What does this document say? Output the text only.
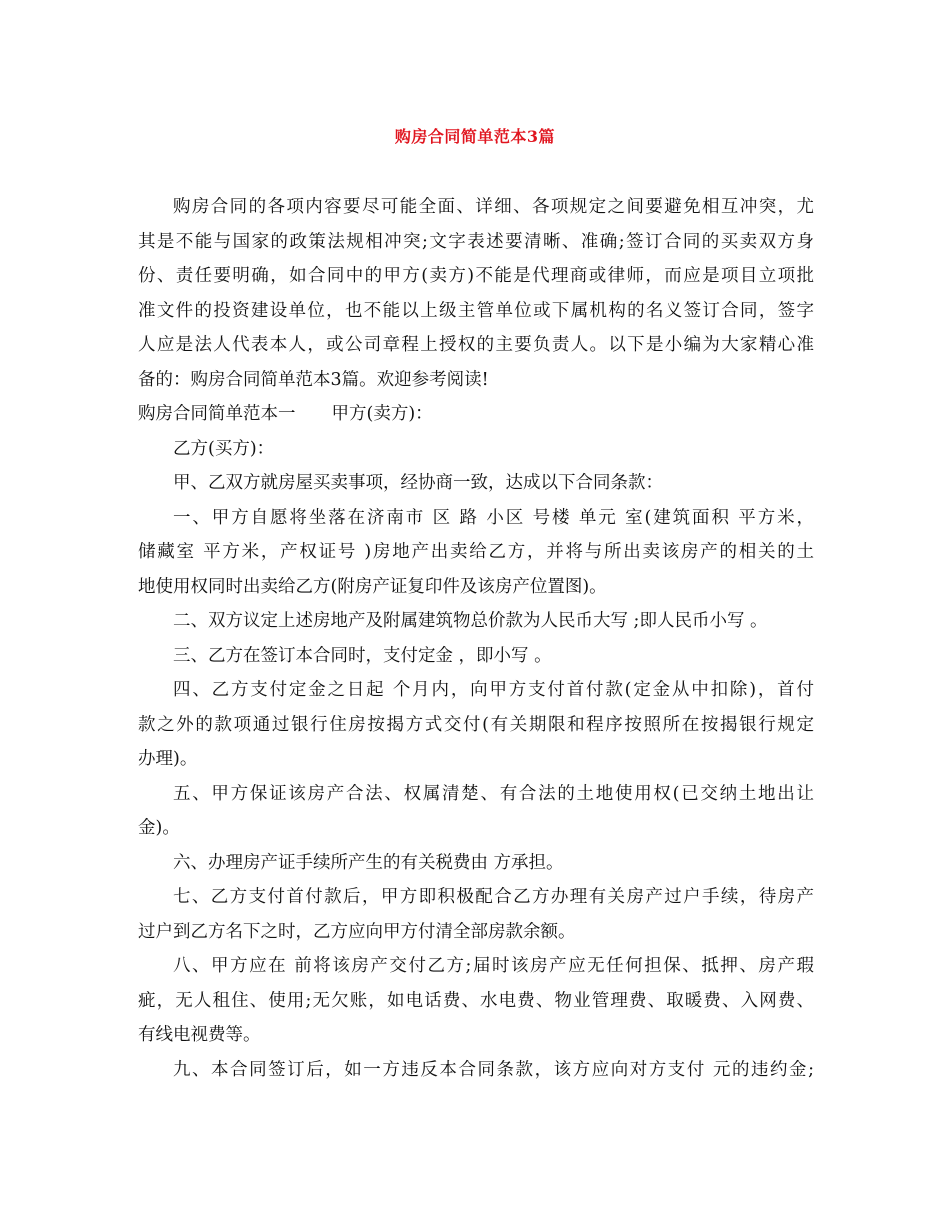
购房合同简单范本3篇
购房合同的各项内容要尽可能全面、详细、各项规定之间要避免相互冲突，尤
其是不能与国家的政策法规相冲突;文字表述要清晰、准确;签订合同的买卖双方身
份、责任要明确，如合同中的甲方(卖方)不能是代理商或律师，而应是项目立项批
准文件的投资建设单位，也不能以上级主管单位或下属机构的名义签订合同，签字
人应是法人代表本人，或公司章程上授权的主要负责人。以下是小编为大家精心准
备的：购房合同简单范本3篇。欢迎参考阅读!
购房合同简单范本一 甲方(卖方)：
乙方(买方)：
甲、乙双方就房屋买卖事项，经协商一致，达成以下合同条款：
一、甲方自愿将坐落在济南市 区 路 小区 号楼 单元 室(建筑面积 平方米，
储藏室 平方米，产权证号 )房地产出卖给乙方，并将与所出卖该房产的相关的土
地使用权同时出卖给乙方(附房产证复印件及该房产位置图)。
二、双方议定上述房地产及附属建筑物总价款为人民币大写 ;即人民币小写 。
三、乙方在签订本合同时，支付定金 ，即小写 。
四、乙方支付定金之日起 个月内，向甲方支付首付款(定金从中扣除)，首付
款之外的款项通过银行住房按揭方式交付(有关期限和程序按照所在按揭银行规定
办理)。
五、甲方保证该房产合法、权属清楚、有合法的土地使用权(已交纳土地出让
金)。
六、办理房产证手续所产生的有关税费由 方承担。
七、乙方支付首付款后，甲方即积极配合乙方办理有关房产过户手续，待房产
过户到乙方名下之时，乙方应向甲方付清全部房款余额。
八、甲方应在 前将该房产交付乙方;届时该房产应无任何担保、抵押、房产瑕
疵，无人租住、使用;无欠账，如电话费、水电费、物业管理费、取暖费、入网费、
有线电视费等。
九、本合同签订后，如一方违反本合同条款，该方应向对方支付 元的违约金;
